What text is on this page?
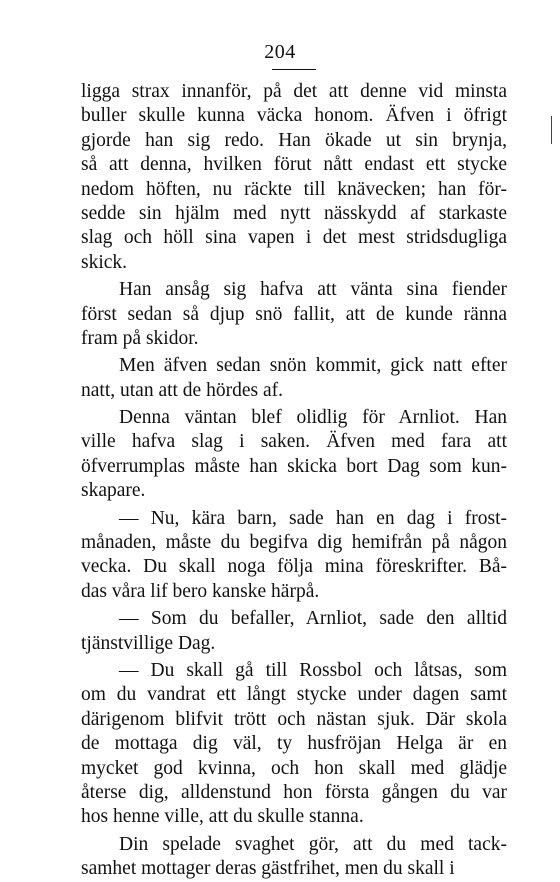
204
ligga strax innanför, på det att denne vid minsta
buller skulle kunna väcka honom. Äfven i öfrigt
gjorde han sig redo. Han ökade ut sin brynja,
så att denna, hvilken förut nått endast ett stycke
nedom höften, nu räckte till knävecken; han för-
sedde sin hjälm med nytt nässkydd af starkaste
slag och höll sina vapen i det mest stridsdugliga
skick.
Han ansåg sig hafva att vänta sina fiender
först sedan så djup snö fallit, att de kunde ränna
fram på skidor.
Men äfven sedan snön kommit, gick natt efter
natt, utan att de hördes af.
Denna väntan blef olidlig för Arnliot. Han
ville hafva slag i saken. Äfven med fara att
öfverrumplas måste han skicka bort Dag som kun-
skapare.
— Nu, kära barn, sade han en dag i frost-
månaden, måste du begifva dig hemifrån på någon
vecka. Du skall noga följa mina föreskrifter. Bå-
das våra lif bero kanske härpå.
— Som du befaller, Arnliot, sade den alltid
tjänstvillige Dag.
— Du skall gå till Rossbol och låtsas, som
om du vandrat ett långt stycke under dagen samt
därigenom blifvit trött och nästan sjuk. Där skola
de mottaga dig väl, ty husfröjan Helga är en
mycket god kvinna, och hon skall med glädje
återse dig, alldenstund hon första gången du var
hos henne ville, att du skulle stanna.
Din spelade svaghet gör, att du med tack-
samhet mottager deras gästfrihet, men du skall i
